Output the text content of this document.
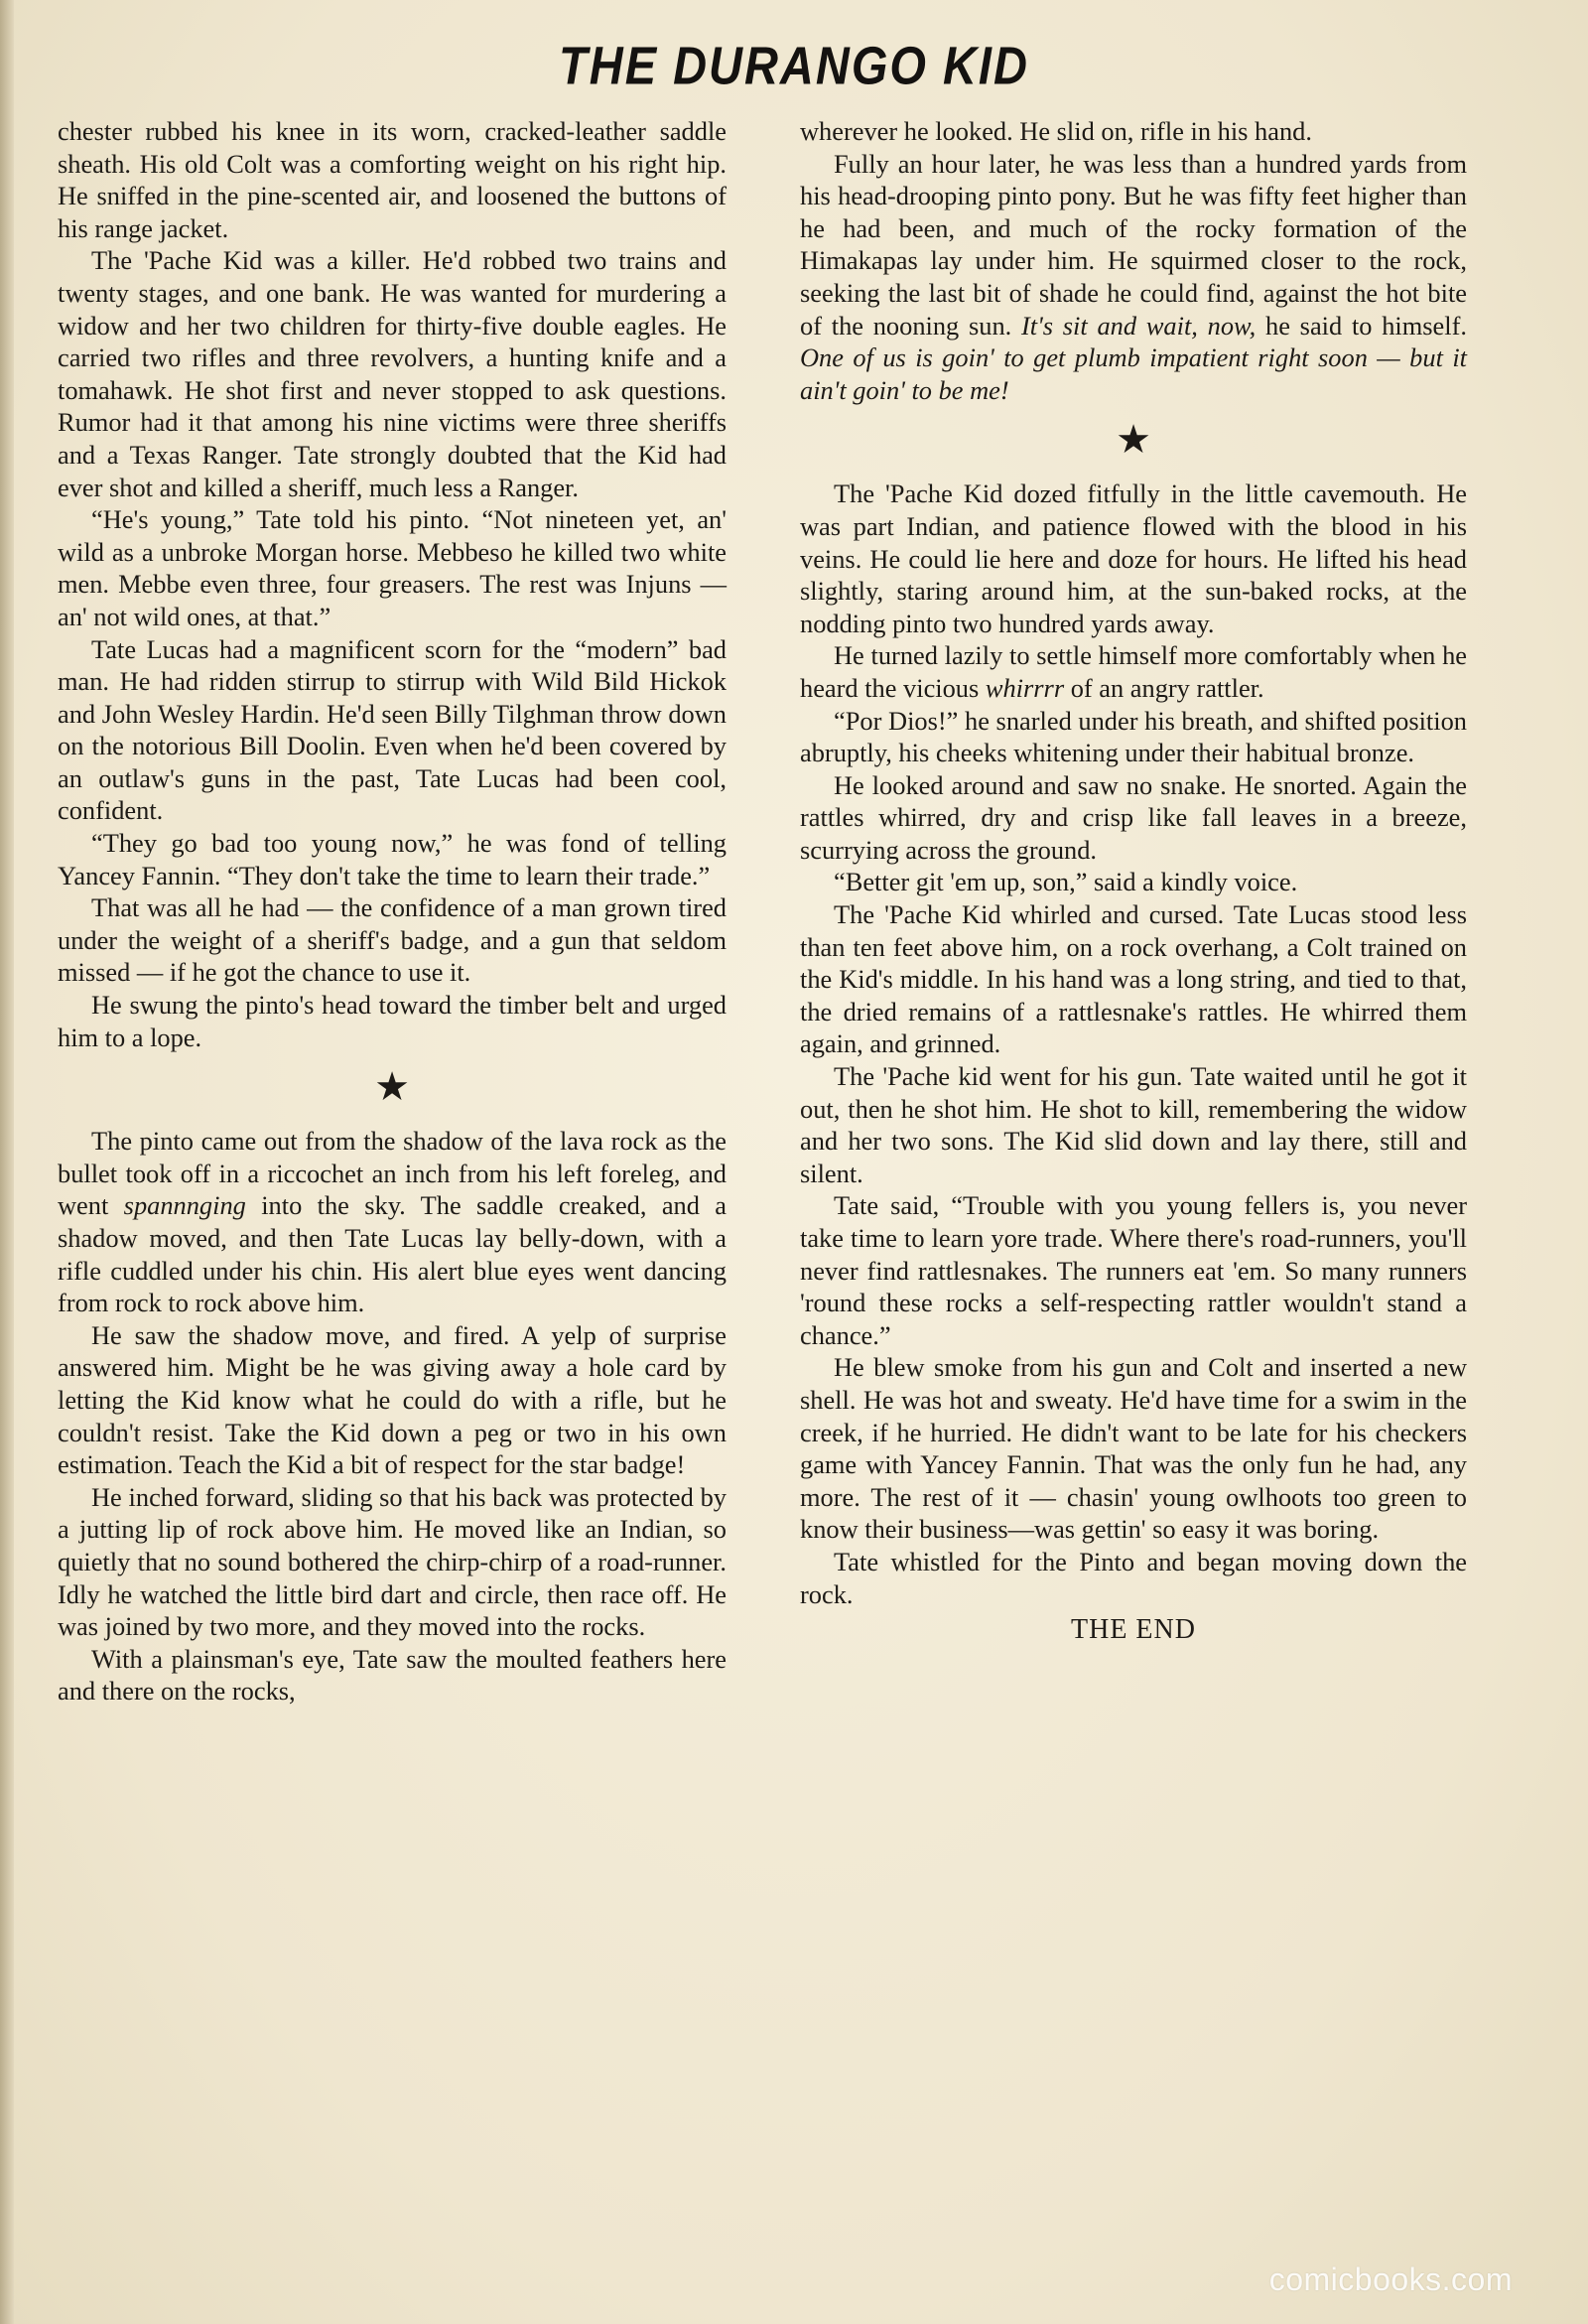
THE DURANGO KID

chester rubbed his knee in its worn, cracked-leather saddle sheath. His old Colt was a comforting weight on his right hip. He sniffed in the pine-scented air, and loosened the buttons of his range jacket.

The 'Pache Kid was a killer. He'd robbed two trains and twenty stages, and one bank. He was wanted for murdering a widow and her two children for thirty-five double eagles. He carried two rifles and three revolvers, a hunting knife and a tomahawk. He shot first and never stopped to ask questions. Rumor had it that among his nine victims were three sheriffs and a Texas Ranger. Tate strongly doubted that the Kid had ever shot and killed a sheriff, much less a Ranger.

“He's young,” Tate told his pinto. “Not nineteen yet, an' wild as a unbroke Morgan horse. Mebbeso he killed two white men. Mebbe even three, four greasers. The rest was Injuns — an' not wild ones, at that.”

Tate Lucas had a magnificent scorn for the “modern” bad man. He had ridden stirrup to stirrup with Wild Bild Hickok and John Wesley Hardin. He'd seen Billy Tilghman throw down on the notorious Bill Doolin. Even when he'd been covered by an outlaw's guns in the past, Tate Lucas had been cool, confident.

“They go bad too young now,” he was fond of telling Yancey Fannin. “They don't take the time to learn their trade.”

That was all he had — the confidence of a man grown tired under the weight of a sheriff's badge, and a gun that seldom missed — if he got the chance to use it.

He swung the pinto's head toward the timber belt and urged him to a lope.

★

The pinto came out from the shadow of the lava rock as the bullet took off in a riccochet an inch from his left foreleg, and went spannnging into the sky. The saddle creaked, and a shadow moved, and then Tate Lucas lay belly-down, with a rifle cuddled under his chin. His alert blue eyes went dancing from rock to rock above him.

He saw the shadow move, and fired. A yelp of surprise answered him. Might be he was giving away a hole card by letting the Kid know what he could do with a rifle, but he couldn't resist. Take the Kid down a peg or two in his own estimation. Teach the Kid a bit of respect for the star badge!

He inched forward, sliding so that his back was protected by a jutting lip of rock above him. He moved like an Indian, so quietly that no sound bothered the chirp-chirp of a road-runner. Idly he watched the little bird dart and circle, then race off. He was joined by two more, and they moved into the rocks.

With a plainsman's eye, Tate saw the moulted feathers here and there on the rocks,

wherever he looked. He slid on, rifle in his hand.

Fully an hour later, he was less than a hundred yards from his head-drooping pinto pony. But he was fifty feet higher than he had been, and much of the rocky formation of the Himakapas lay under him. He squirmed closer to the rock, seeking the last bit of shade he could find, against the hot bite of the nooning sun. It's sit and wait, now, he said to himself. One of us is goin' to get plumb impatient right soon — but it ain't goin' to be me!

★

The 'Pache Kid dozed fitfully in the little cavemouth. He was part Indian, and patience flowed with the blood in his veins. He could lie here and doze for hours. He lifted his head slightly, staring around him, at the sun-baked rocks, at the nodding pinto two hundred yards away.

He turned lazily to settle himself more comfortably when he heard the vicious whirrrr of an angry rattler.

“Por Dios!” he snarled under his breath, and shifted position abruptly, his cheeks whitening under their habitual bronze.

He looked around and saw no snake. He snorted. Again the rattles whirred, dry and crisp like fall leaves in a breeze, scurrying across the ground.

“Better git 'em up, son,” said a kindly voice.

The 'Pache Kid whirled and cursed. Tate Lucas stood less than ten feet above him, on a rock overhang, a Colt trained on the Kid's middle. In his hand was a long string, and tied to that, the dried remains of a rattlesnake's rattles. He whirred them again, and grinned.

The 'Pache kid went for his gun. Tate waited until he got it out, then he shot him. He shot to kill, remembering the widow and her two sons. The Kid slid down and lay there, still and silent.

Tate said, “Trouble with you young fellers is, you never take time to learn yore trade. Where there's road-runners, you'll never find rattlesnakes. The runners eat 'em. So many runners 'round these rocks a self-respecting rattler wouldn't stand a chance.”

He blew smoke from his gun and Colt and inserted a new shell. He was hot and sweaty. He'd have time for a swim in the creek, if he hurried. He didn't want to be late for his checkers game with Yancey Fannin. That was the only fun he had, any more. The rest of it — chasin' young owlhoots too green to know their business—was gettin' so easy it was boring.

Tate whistled for the Pinto and began moving down the rock.

THE END

comicbooks.com
